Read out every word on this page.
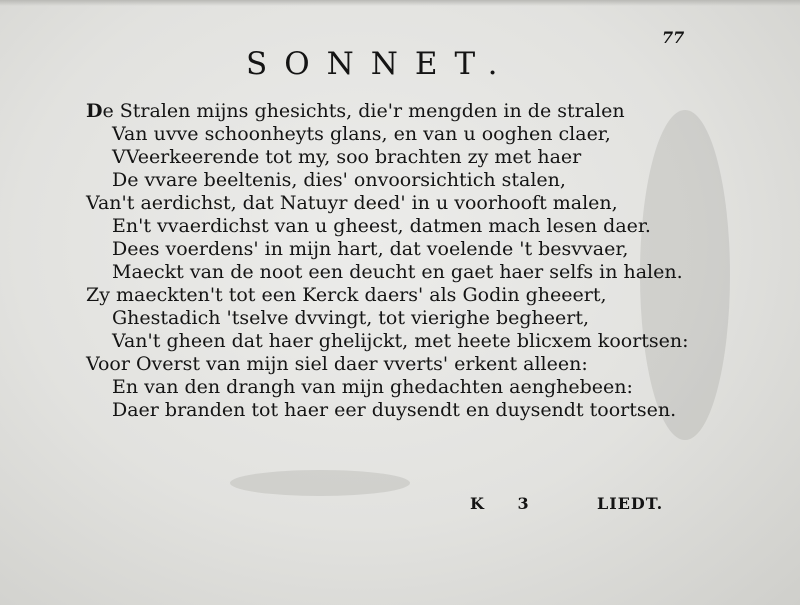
77
SONNET.
De Stralen mijns ghesichts, die'r mengden in de stralen
Van uvve schoonheyts glans, en van u ooghen claer,
VVeerkeerende tot my, soo brachten zy met haer
De vvare beeltenis, dies' onvoorsichtich stalen,
Van't aerdichst, dat Natuyr deed' in u voorhooft malen,
En't vvaerdichst van u gheest, datmen mach lesen daer.
Dees voerdens' in mijn hart, dat voelende 't besvvaer,
Maeckt van de noot een deucht en gaet haer selfs in halen.
Zy maeckten't tot een Kerck daers' als Godin gheeert,
Ghestadich 'tselve dvvingt, tot vierighe begheert,
Van't gheen dat haer ghelijckt, met heete blicxem koortsen:
Voor Overst van mijn siel daer vverts' erkent alleen:
En van den drangh van mijn ghedachten aenghebeen:
Daer branden tot haer eer duysendt en duysendt toortsen.
K 3	LIEDT.
